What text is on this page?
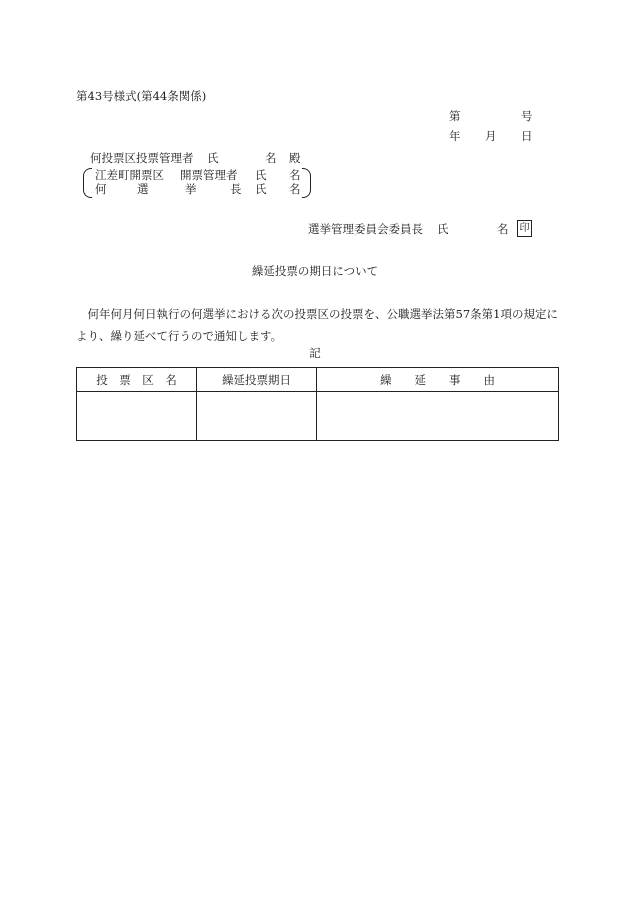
第43号様式(第44条関係)
第	号
年 月 日
何投票区投票管理者 氏	名 殿
江差町開票区 開票管理者 氏 名
何	選	挙	長 氏 名
選挙管理委員会委員長 氏	名 印
繰延投票の期日について
何年何月何日執行の何選挙における次の投票区の投票を、公職選挙法第57条第1項の規定により、繰り延べて行うので通知します。
記
投　票　区　名	繰延投票期日	繰　　延　　事　　由
